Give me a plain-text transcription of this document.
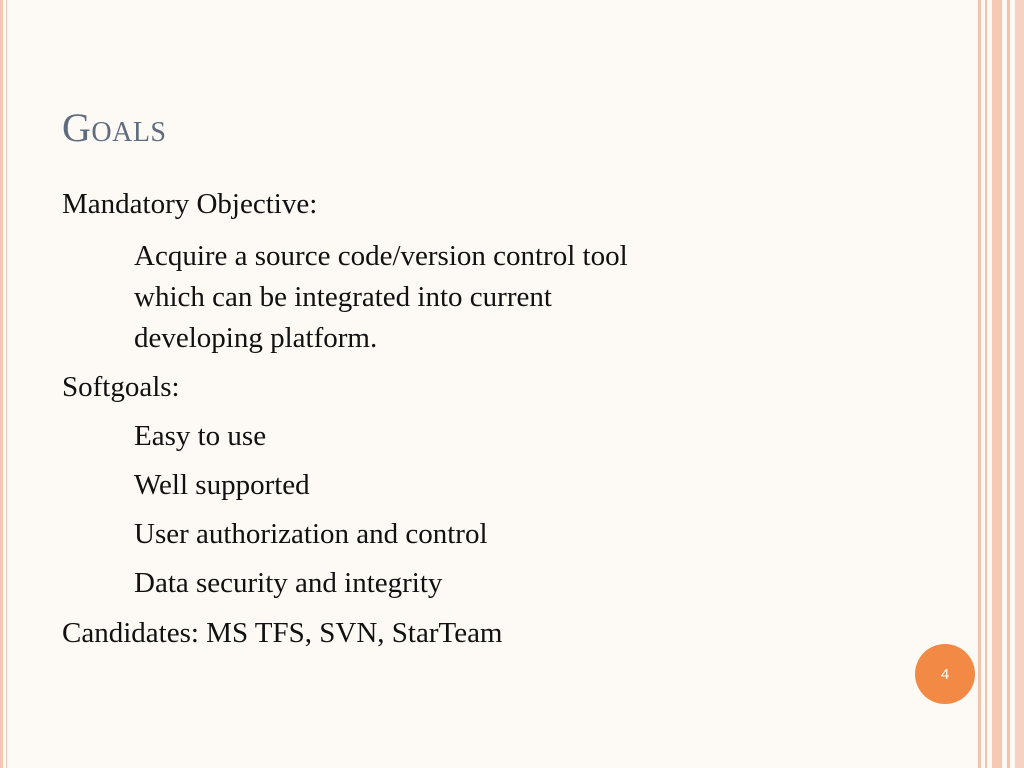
Goals
Mandatory Objective:
Acquire a source code/version control tool
which can be integrated into current
developing platform.
Softgoals:
Easy to use
Well supported
User authorization and control
Data security and integrity
Candidates: MS TFS, SVN, StarTeam
4
